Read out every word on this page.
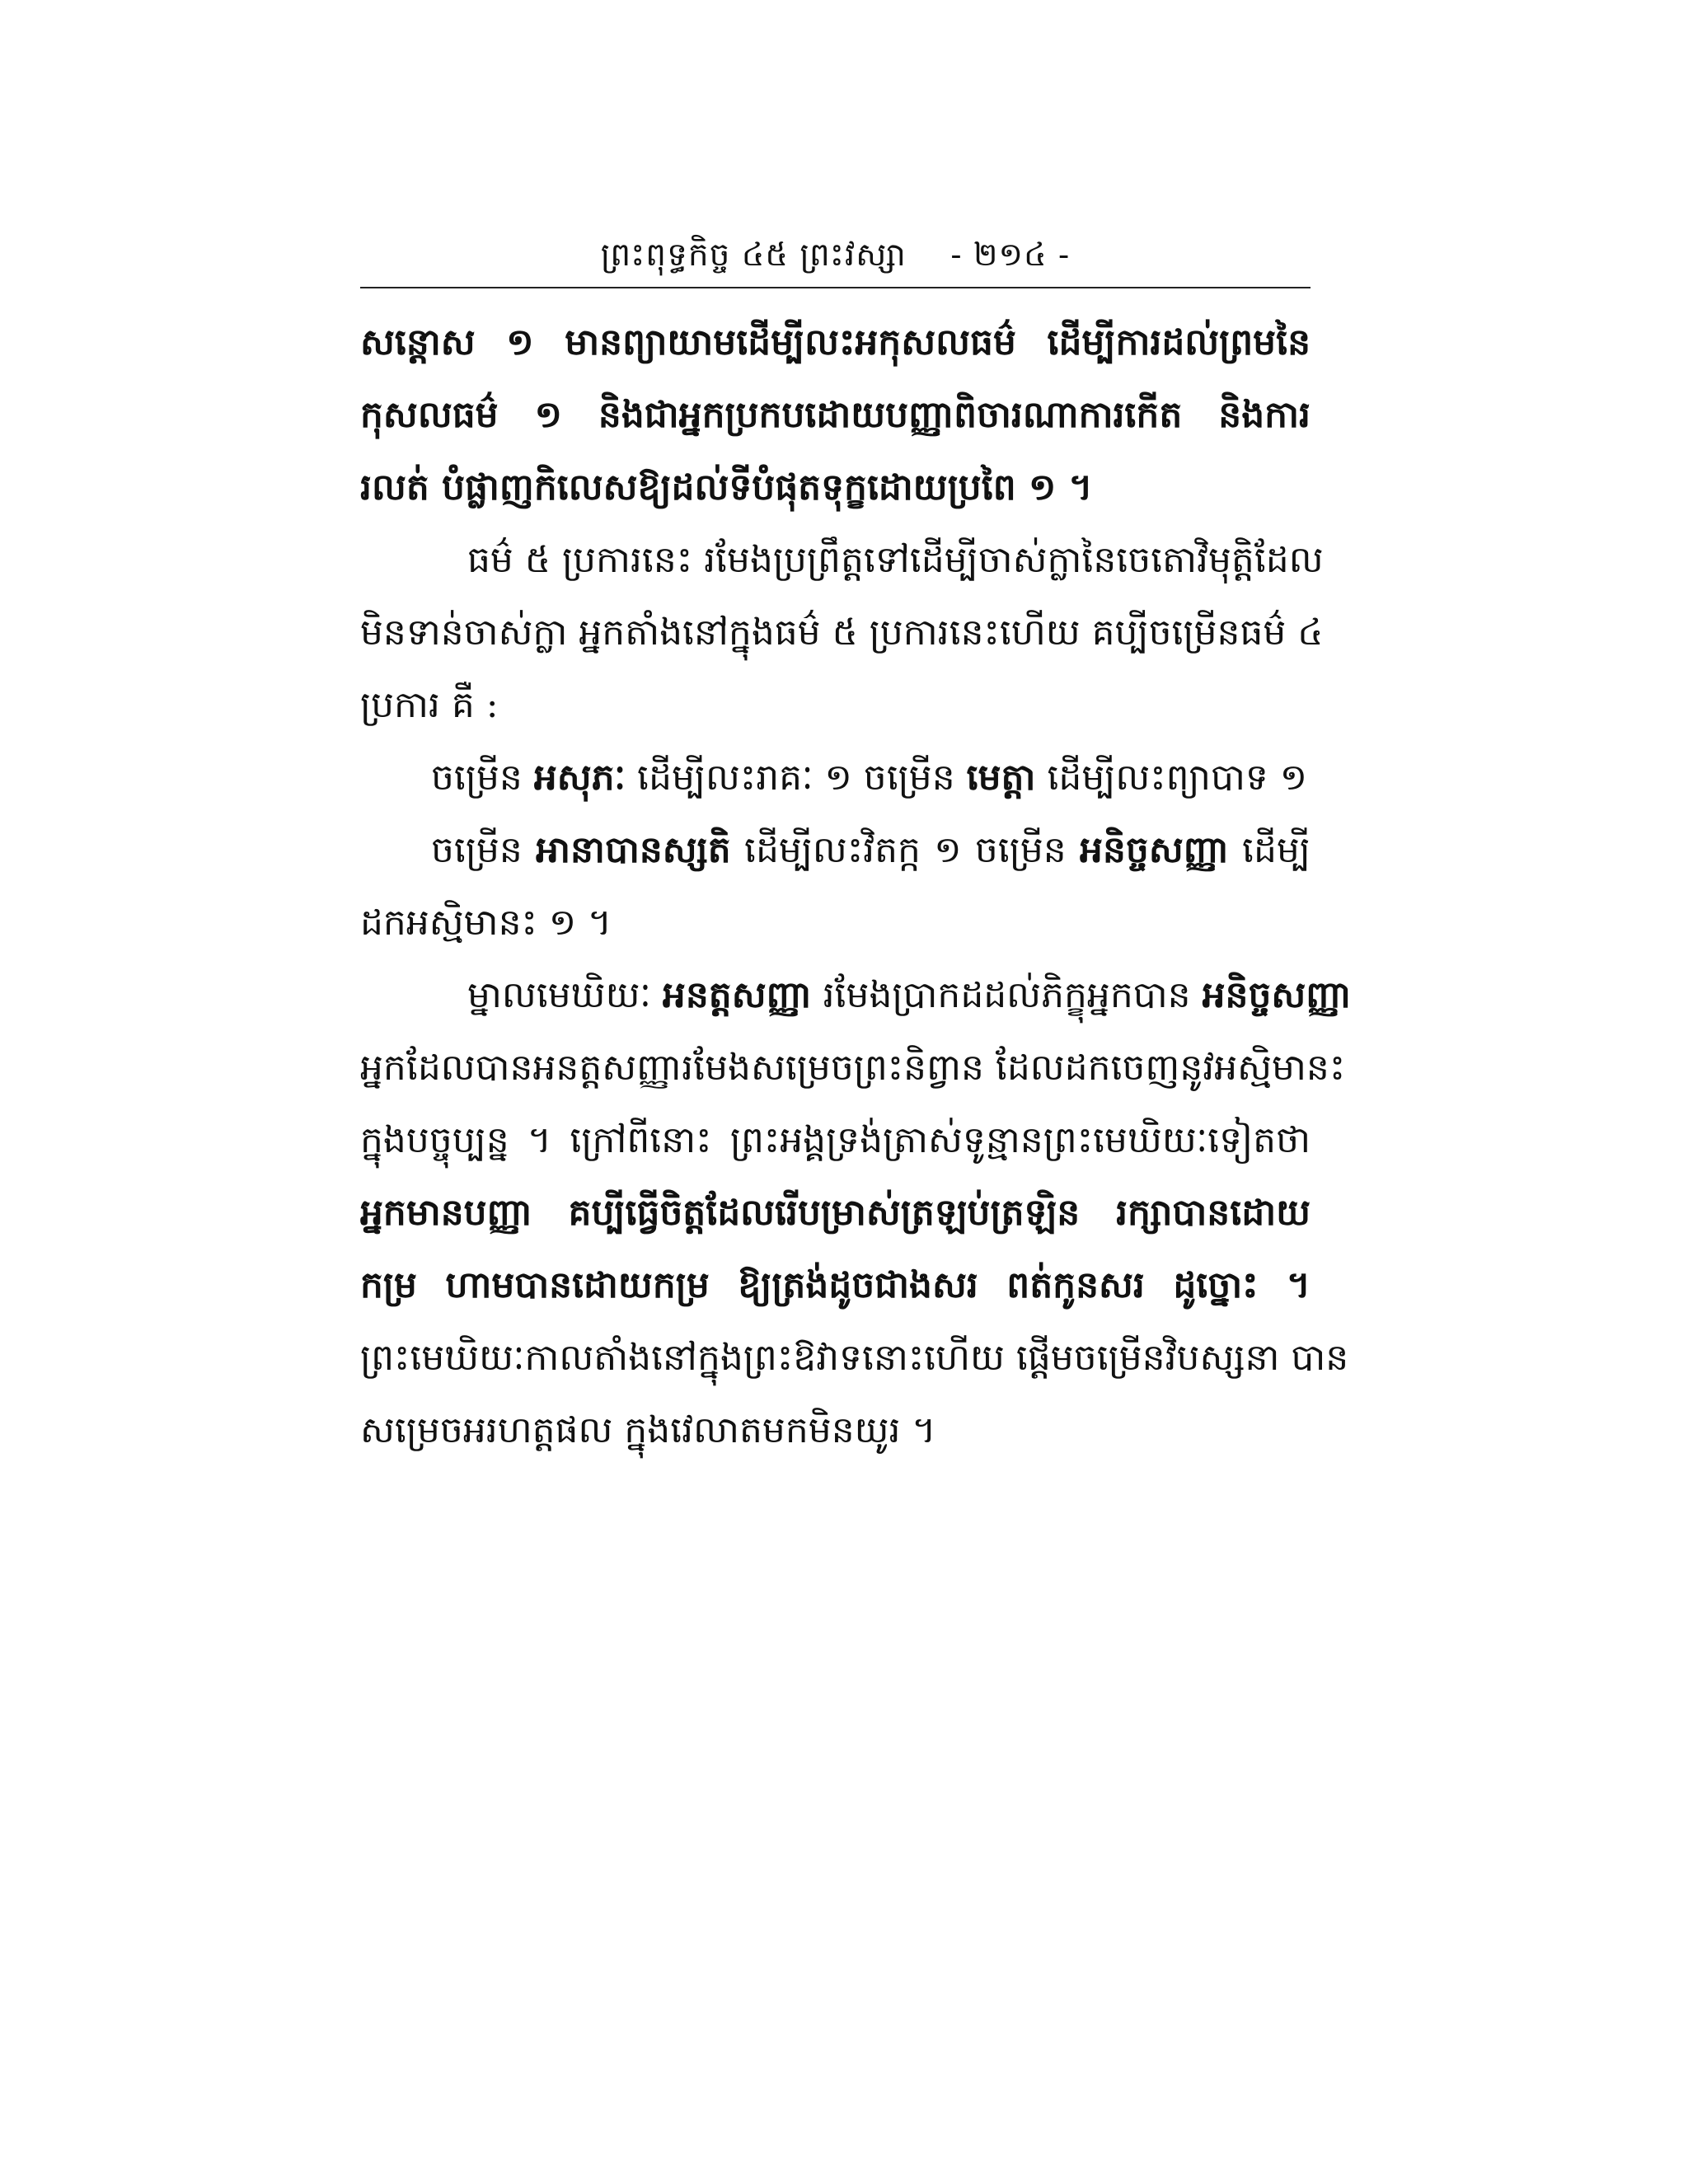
ព្រះពុទ្ធកិច្ច ៤៥ ព្រះវស្សា - ២១៤ -
សន្តោស ១ មានព្យាយាមដើម្បីលះអកុសលធម៌ ដើម្បីការដល់ព្រមនៃ
កុសលធម៌ ១ និងជាអ្នកប្រកបដោយបញ្ញាពិចារណាការកើត និងការ
រលត់ បំផ្លាញកិលេសឱ្យដល់ទីបំផុតទុក្ខដោយប្រពៃ ១ ។
ធម៌ ៥ ប្រការនេះ រមែងប្រព្រឹត្តទៅដើម្បីចាស់ក្លានៃចេតោវិមុត្តិដែល
មិនទាន់ចាស់ក្លា អ្នកតាំងនៅក្នុងធម៌ ៥ ប្រការនេះហើយ គប្បីចម្រើនធម៌ ៤
ប្រការ គឺ :
ចម្រើន អសុភៈ ដើម្បីលះរាគៈ ១ ចម្រើន មេត្តា ដើម្បីលះព្យាបាទ ១
ចម្រើន អានាបានស្សតិ ដើម្បីលះវិតក្ក ១ ចម្រើន អនិច្ចសញ្ញា ដើម្បី
ដកអស្មិមានះ ១ ។
ម្នាលមេឃិយៈ អនត្តសញ្ញា រមែងប្រាកដដល់ភិក្ខុអ្នកបាន អនិច្ចសញ្ញា
អ្នកដែលបានអនត្តសញ្ញារមែងសម្រេចព្រះនិព្វាន ដែលដកចេញនូវអស្មិមានះ
ក្នុងបច្ចុប្បន្ន ។ ក្រៅពីនោះ ព្រះអង្គទ្រង់ត្រាស់ទូន្មានព្រះមេឃិយៈទៀតថា
អ្នកមានបញ្ញា គប្បីធ្វើចិត្តដែលរើបម្រាស់ត្រឡប់ត្រឡិន រក្សាបានដោយ
កម្រ ហាមបានដោយកម្រ ឱ្យត្រង់ដូចជាងសរ ពត់កូនសរ ដូច្នោះ ។
ព្រះមេឃិយៈកាលតាំងនៅក្នុងព្រះឱវាទនោះហើយ ផ្តើមចម្រើនវិបស្សនា បាន
សម្រេចអរហត្តផល ក្នុងវេលាតមកមិនយូរ ។
